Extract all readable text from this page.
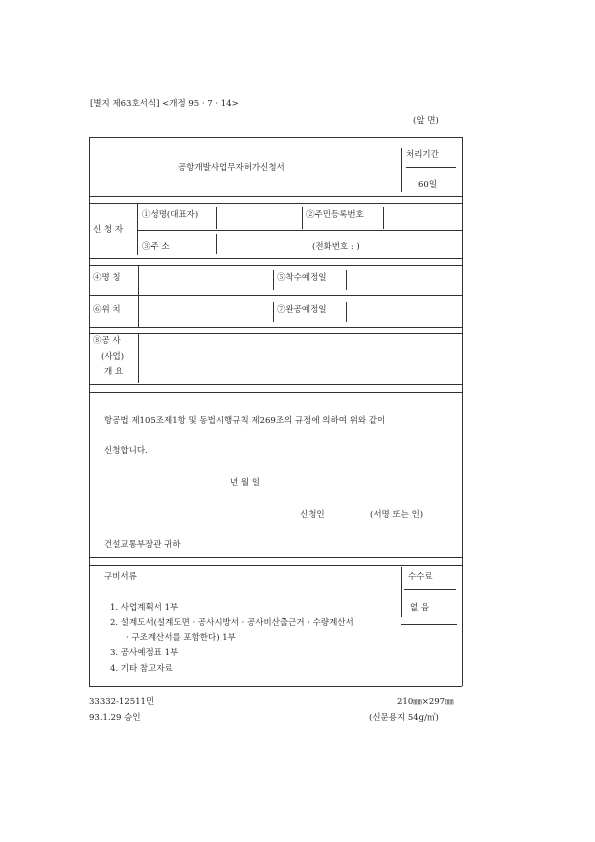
[별지 제63호서식] <개정 95 · 7 · 14>
(앞 면)
공항개발사업무자허가신청서
처리기간
60일
①성명(대표자)	②주민등록번호
신 청 자
③주 소	(전화번호 : )
④명 칭	⑤착수예정일
⑥위 치	⑦완공예정일
⑧공 사
(사업)
개 요
항공법 제105조제1항 및 동법시행규칙 제269조의 규정에 의하여 위와 같이
신청합니다.
년 월 일
신청인	(서명 또는 인)
건설교통부장관 귀하
구비서류	수수료
없 음
1. 사업계획서 1부
2. 설계도서(설계도면 · 공사시방서 · 공사비산출근거 · 수량계산서
· 구조계산서를 포함한다) 1부
3. 공사예정표 1부
4. 기타 참고자료
33332-12511민	210㎜×297㎜
93.1.29 승인	(신문용지 54g/㎡)
